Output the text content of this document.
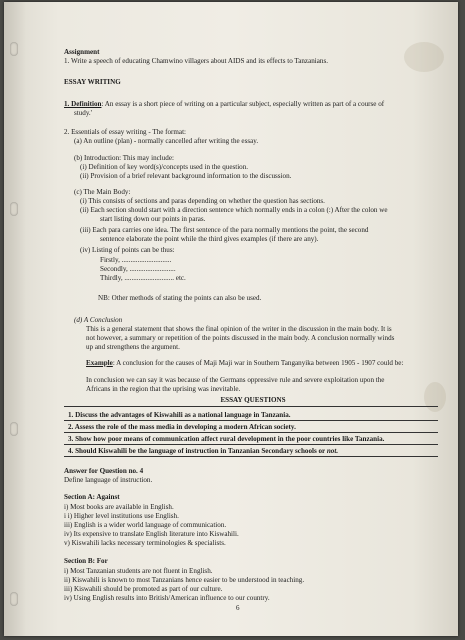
Assignment
1. Write a speech of educating Chamwino villagers about AIDS and its effects to Tanzanians.
ESSAY WRITING
1. Definition: An essay is a short piece of writing on a particular subject, especially written as part of a course of
study.'
2. Essentials of essay writing - The format:
(a) An outline (plan) - normally cancelled after writing the essay.
(b) Introduction: This may include:
(i) Definition of key word(s)/concepts used in the question.
(ii) Provision of a brief relevant background information to the discussion.
(c) The Main Body:
(i) This consists of sections and paras depending on whether the question has sections.
(ii) Each section should start with a direction sentence which normally ends in a colon (:) After the colon we
start listing down our points in paras.
(iii) Each para carries one idea. The first sentence of the para normally mentions the point, the second
sentence elaborate the point while the third gives examples (if there are any).
(iv) Listing of points can be thus:
Firstly, ............................
Secondly, ..........................
Thirdly, ............................ etc.
NB: Other methods of stating the points can also be used.
(d) A Conclusion
This is a general statement that shows the final opinion of the writer in the discussion in the main body. It is
not however, a summary or repetition of the points discussed in the main body. A conclusion normally winds
up and strengthens the argument.
Example: A conclusion for the causes of Maji Maji war in Southern Tanganyika between 1905 - 1907 could be:
In conclusion we can say it was because of the Germans oppressive rule and severe exploitation upon the
Africans in the region that the uprising was inevitable.
ESSAY QUESTIONS
1. Discuss the advantages of Kiswahili as a national language in Tanzania.
2. Assess the role of the mass media in developing a modern African society.
3. Show how poor means of communication affect rural development in the poor countries like Tanzania.
4. Should Kiswahili be the language of instruction in Tanzanian Secondary schools or not.
Answer for Question no. 4
Define language of instruction.
Section A: Against
i) Most books are available in English.
i i) Higher level institutions use English.
iii) English is a wider world language of communication.
iv) Its expensive to translate English literature into Kiswahili.
v) Kiswahili lacks necessary terminologies & specialists.
Section B: For
i) Most Tanzanian students are not fluent in English.
ii) Kiswahili is known to most Tanzanians hence easier to be understood in teaching.
iii) Kiswahili should be promoted as part of our culture.
iv) Using English results into British/American influence to our country.
6
